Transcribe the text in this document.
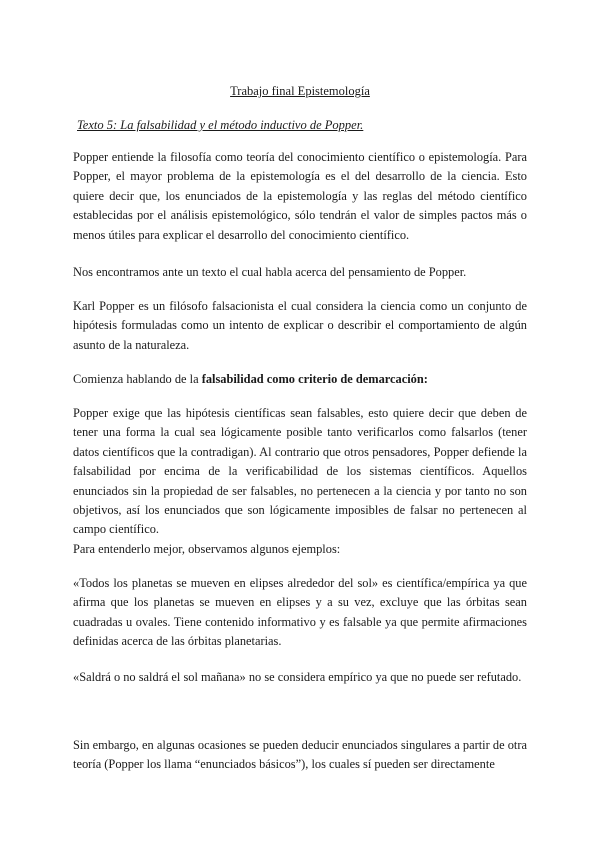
Trabajo final Epistemología

Texto 5: La falsabilidad y el método inductivo de Popper.

Popper entiende la filosofía como teoría del conocimiento científico o epistemología. Para Popper, el mayor problema de la epistemología es el del desarrollo de la ciencia. Esto quiere decir que, los enunciados de la epistemología y las reglas del método científico establecidas por el análisis epistemológico, sólo tendrán el valor de simples pactos más o menos útiles para explicar el desarrollo del conocimiento científico.

Nos encontramos ante un texto el cual habla acerca del pensamiento de Popper.

Karl Popper es un filósofo falsacionista el cual considera la ciencia como un conjunto de hipótesis formuladas como un intento de explicar o describir el comportamiento de algún asunto de la naturaleza.

Comienza hablando de la falsabilidad como criterio de demarcación:

Popper exige que las hipótesis científicas sean falsables, esto quiere decir que deben de tener una forma la cual sea lógicamente posible tanto verificarlos como falsarlos (tener datos científicos que la contradigan). Al contrario que otros pensadores, Popper defiende la falsabilidad por encima de la verificabilidad de los sistemas científicos. Aquellos enunciados sin la propiedad de ser falsables, no pertenecen a la ciencia y por tanto no son objetivos, así los enunciados que son lógicamente imposibles de falsar no pertenecen al campo científico.

Para entenderlo mejor, observamos algunos ejemplos:

«Todos los planetas se mueven en elipses alrededor del sol» es científica/empírica ya que afirma que los planetas se mueven en elipses y a su vez, excluye que las órbitas sean cuadradas u ovales. Tiene contenido informativo y es falsable ya que permite afirmaciones definidas acerca de las órbitas planetarias.

«Saldrá o no saldrá el sol mañana» no se considera empírico ya que no puede ser refutado.

Sin embargo, en algunas ocasiones se pueden deducir enunciados singulares a partir de otra teoría (Popper los llama “enunciados básicos”), los cuales sí pueden ser directamente
